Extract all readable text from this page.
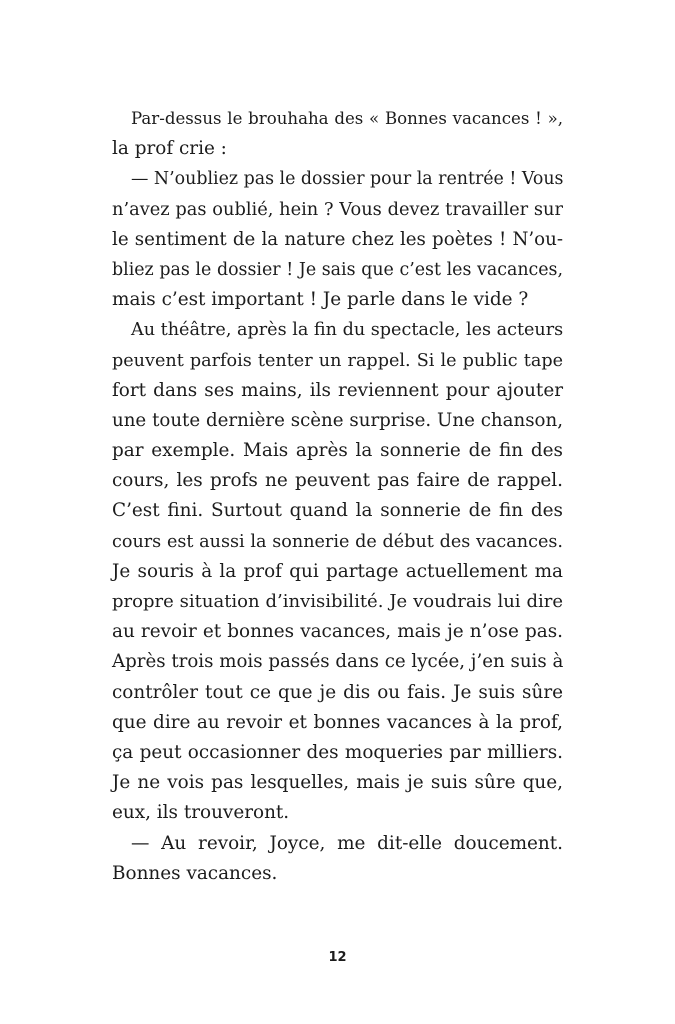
Par-dessus le brouhaha des « Bonnes vacances ! »,
la prof crie :
— N’oubliez pas le dossier pour la rentrée ! Vous
n’avez pas oublié, hein ? Vous devez travailler sur
le sentiment de la nature chez les poètes ! N’ou-
bliez pas le dossier ! Je sais que c’est les vacances,
mais c’est important ! Je parle dans le vide ?
Au théâtre, après la fin du spectacle, les acteurs
peuvent parfois tenter un rappel. Si le public tape
fort dans ses mains, ils reviennent pour ajouter
une toute dernière scène surprise. Une chanson,
par exemple. Mais après la sonnerie de fin des
cours, les profs ne peuvent pas faire de rappel.
C’est fini. Surtout quand la sonnerie de fin des
cours est aussi la sonnerie de début des vacances.
Je souris à la prof qui partage actuellement ma
propre situation d’invisibilité. Je voudrais lui dire
au revoir et bonnes vacances, mais je n’ose pas.
Après trois mois passés dans ce lycée, j’en suis à
contrôler tout ce que je dis ou fais. Je suis sûre
que dire au revoir et bonnes vacances à la prof,
ça peut occasionner des moqueries par milliers.
Je ne vois pas lesquelles, mais je suis sûre que,
eux, ils trouveront.
— Au revoir, Joyce, me dit-elle doucement.
Bonnes vacances.
12
